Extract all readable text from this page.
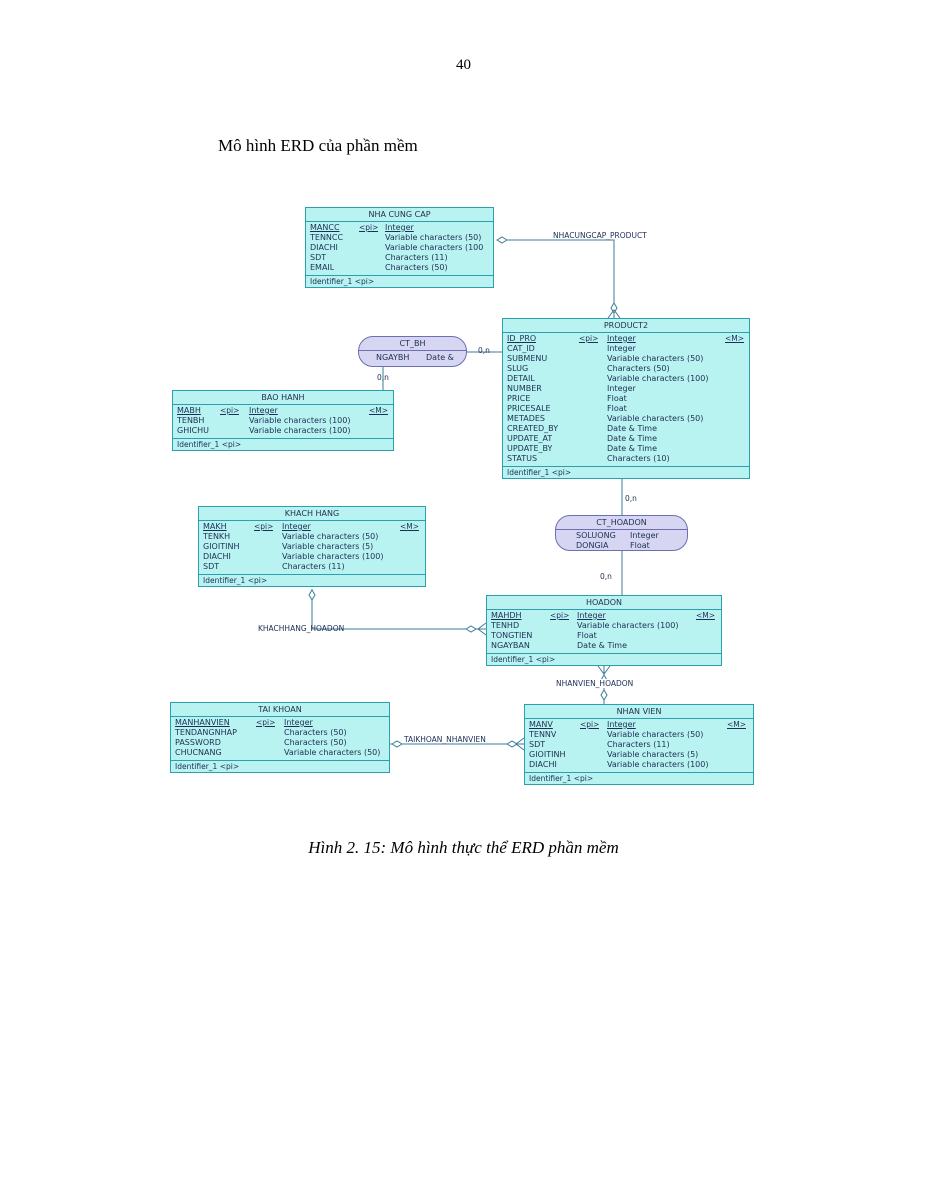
40
Mô hình ERD của phần mềm
NHACUNGCAP_PRODUCT
KHACHHANG_HOADON
NHANVIEN_HOADON
TAIKHOAN_NHANVIEN
0,n
0,n
0,n
0,n
NHA CUNG CAP
MANCC	<pi> Integer
TENNCC	Variable characters (50)
DIACHI	Variable characters (100
SDT	Characters (11)
EMAIL	Characters (50)
Identifier_1 <pi>
PRODUCT2
ID_PRO	<pi> Integer	<M>
CAT_ID	Integer
SUBMENU	Variable characters (50)
SLUG	Characters (50)
DETAIL	Variable characters (100)
NUMBER	Integer
PRICE	Float
PRICESALE	Float
METADES	Variable characters (50)
CREATED_BY	Date & Time
UPDATE_AT	Date & Time
UPDATE_BY	Date & Time
STATUS	Characters (10)
Identifier_1 <pi>
CT_BH
NGAYBH Date &
BAO HANH
MABH	<pi> Integer	<M>
TENBH	Variable characters (100)
GHICHU	Variable characters (100)
Identifier_1 <pi>
KHACH HANG
MAKH	<pi> Integer	<M>
TENKH	Variable characters (50)
GIOITINH	Variable characters (5)
DIACHI	Variable characters (100)
SDT	Characters (11)
Identifier_1 <pi>
CT_HOADON
SOLUONG Integer
DONGIA	Float
HOADON
MAHDH	<pi> Integer	<M>
TENHD	Variable characters (100)
TONGTIEN	Float
NGAYBAN	Date & Time
Identifier_1 <pi>
TAI KHOAN
MANHANVIEN	<pi> Integer
TENDANGNHAP	Characters (50)
PASSWORD	Characters (50)
CHUCNANG	Variable characters (50)
Identifier_1 <pi>
NHAN VIEN
MANV	<pi> Integer	<M>
TENNV	Variable characters (50)
SDT	Characters (11)
GIOITINH	Variable characters (5)
DIACHI	Variable characters (100)
Identifier_1 <pi>
Hình 2. 15: Mô hình thực thể ERD phần mềm
